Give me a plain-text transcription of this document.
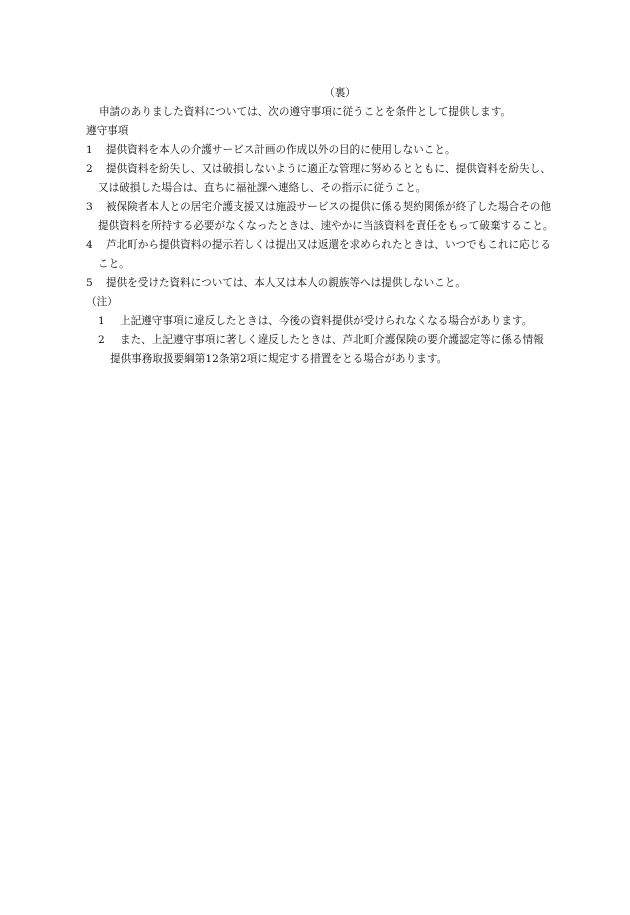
（裏）

申請のありました資料については、次の遵守事項に従うことを条件として提供します。

遵守事項

1 提供資料を本人の介護サービス計画の作成以外の目的に使用しないこと。

2 提供資料を紛失し、又は破損しないように適正な管理に努めるとともに、提供資料を紛失し、又は破損した場合は、直ちに福祉課へ連絡し、その指示に従うこと。

3 被保険者本人との居宅介護支援又は施設サービスの提供に係る契約関係が終了した場合その他提供資料を所持する必要がなくなったときは、速やかに当該資料を責任をもって破棄すること。

4 芦北町から提供資料の提示若しくは提出又は返還を求められたときは、いつでもこれに応じること。

5 提供を受けた資料については、本人又は本人の親族等へは提供しないこと。

（注）

1 上記遵守事項に違反したときは、今後の資料提供が受けられなくなる場合があります。

2 また、上記遵守事項に著しく違反したときは、芦北町介護保険の要介護認定等に係る情報提供事務取扱要綱第12条第2項に規定する措置をとる場合があります。
